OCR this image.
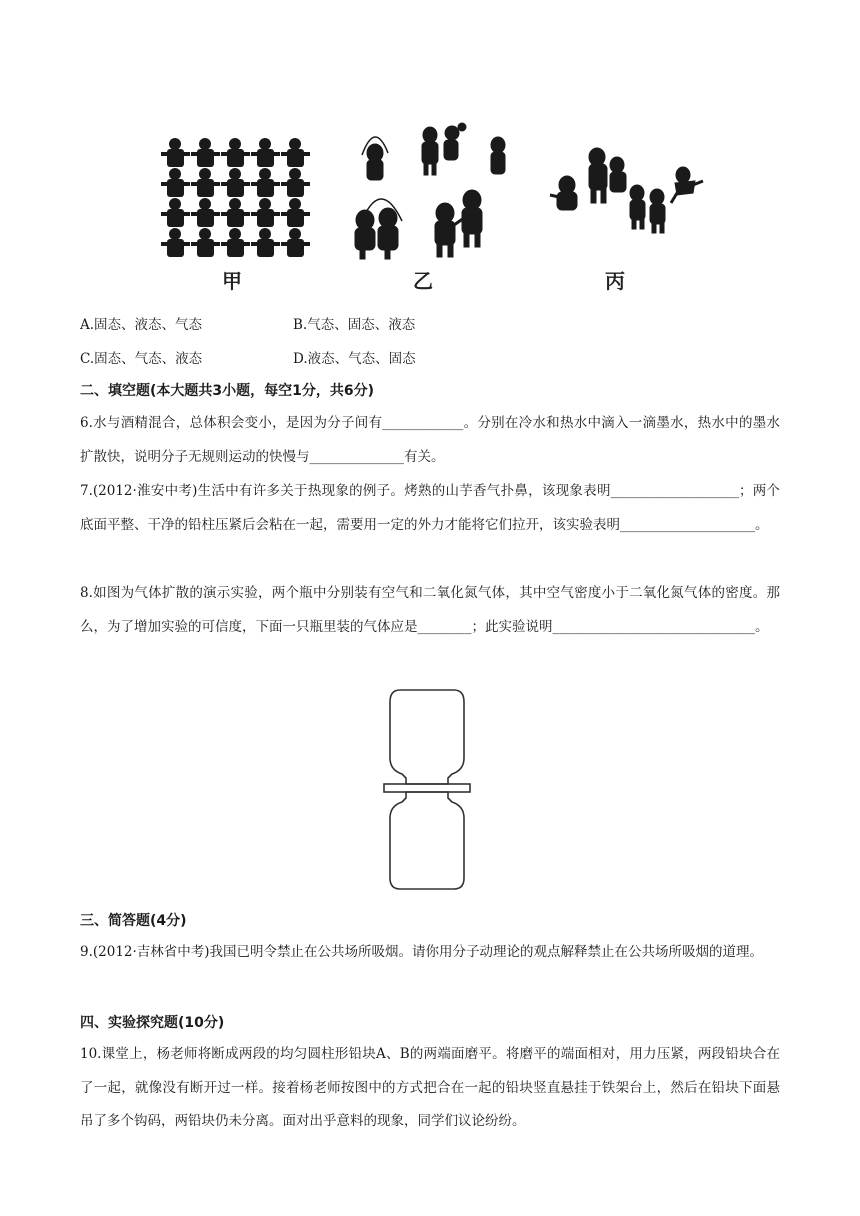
甲	乙	丙
A.固态、液态、气态	B.气态、固态、液态
C.固态、气态、液态	D.液态、气态、固态
二、填空题(本大题共3小题，每空1分，共6分)
6.水与酒精混合，总体积会变小，是因为分子间有____________。分别在冷水和热水中滴入一滴墨水，热水中的墨水扩散快，说明分子无规则运动的快慢与______________有关。
7.(2012·淮安中考)生活中有许多关于热现象的例子。烤熟的山芋香气扑鼻，该现象表明___________________；两个底面平整、干净的铅柱压紧后会粘在一起，需要用一定的外力才能将它们拉开，该实验表明____________________。
8.如图为气体扩散的演示实验，两个瓶中分别装有空气和二氧化氮气体，其中空气密度小于二氧化氮气体的密度。那么，为了增加实验的可信度，下面一只瓶里装的气体应是________；此实验说明______________________________。
三、简答题(4分)
9.(2012·吉林省中考)我国已明令禁止在公共场所吸烟。请你用分子动理论的观点解释禁止在公共场所吸烟的道理。
四、实验探究题(10分)
10.课堂上，杨老师将断成两段的均匀圆柱形铅块A、B的两端面磨平。将磨平的端面相对，用力压紧，两段铅块合在了一起，就像没有断开过一样。接着杨老师按图中的方式把合在一起的铅块竖直悬挂于铁架台上，然后在铅块下面悬吊了多个钩码，两铅块仍未分离。面对出乎意料的现象，同学们议论纷纷。
